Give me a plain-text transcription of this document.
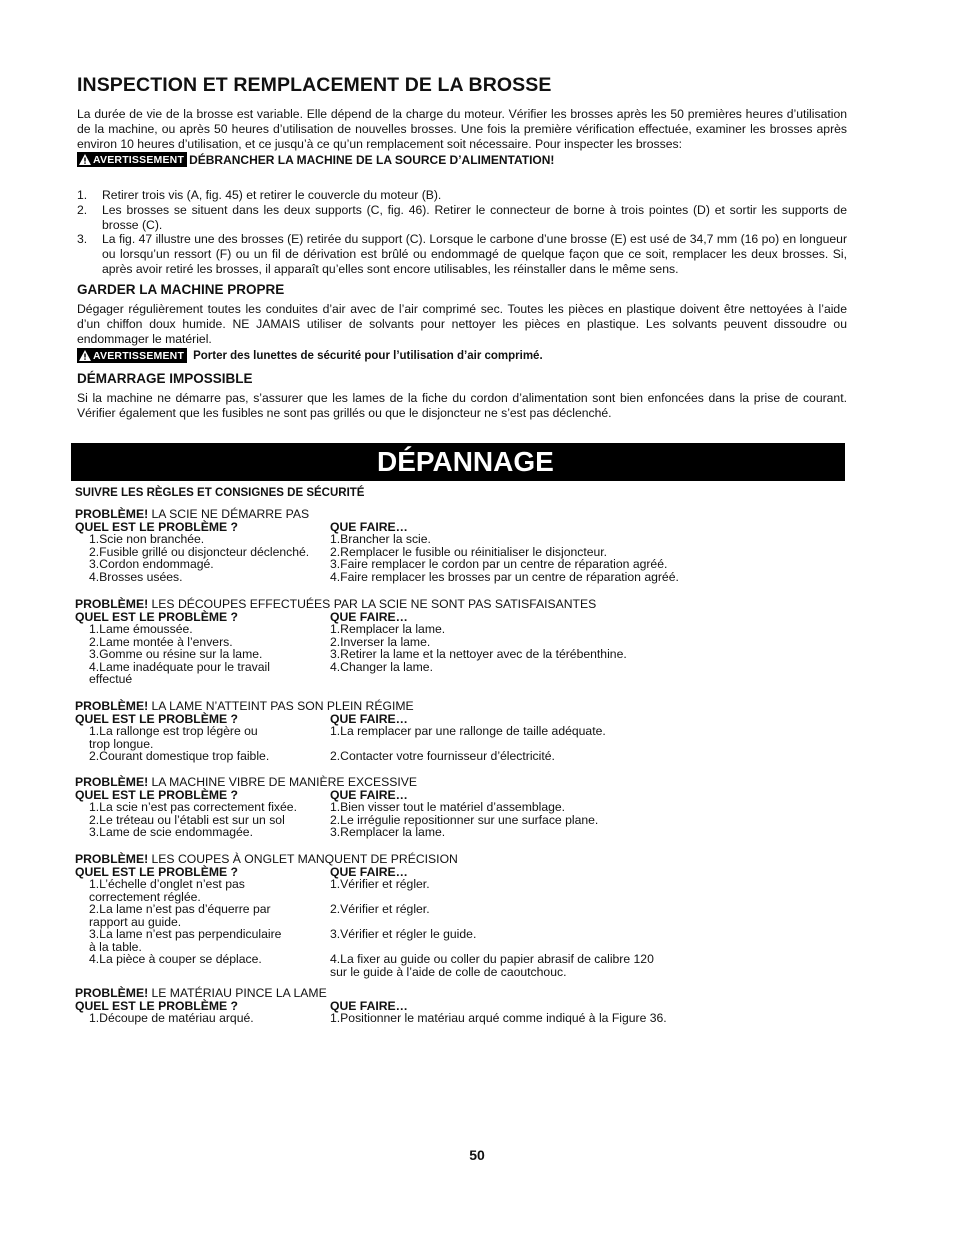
INSPECTION ET REMPLACEMENT DE LA BROSSE

La durée de vie de la brosse est variable. Elle dépend de la charge du moteur. Vérifier les brosses après les 50 premières heures d’utilisation de la machine, ou après 50 heures d’utilisation de nouvelles brosses. Une fois la première vérification effectuée, examiner les brosses après environ 10 heures d’utilisation, et ce jusqu’à ce qu’un remplacement soit nécessaire. Pour inspecter les brosses:

AVERTISSEMENT DÉBRANCHER LA MACHINE DE LA SOURCE D’ALIMENTATION!
1. Retirer trois vis (A, fig. 45) et retirer le couvercle du moteur (B).
2. Les brosses se situent dans les deux supports (C, fig. 46). Retirer le connecteur de borne à trois pointes (D) et sortir les supports de brosse (C).
3. La fig. 47 illustre une des brosses (E) retirée du support (C). Lorsque le carbone d’une brosse (E) est usé de 34,7 mm (16 po) en longueur ou lorsqu’un ressort (F) ou un fil de dérivation est brûlé ou endommagé de quelque façon que ce soit, remplacer les deux brosses. Si, après avoir retiré les brosses, il apparaît qu’elles sont encore utilisables, les réinstaller dans le même sens.
GARDER LA MACHINE PROPRE

Dégager régulièrement toutes les conduites d’air avec de l’air comprimé sec. Toutes les pièces en plastique doivent être nettoyées à l’aide d’un chiffon doux humide. NE JAMAIS utiliser de solvants pour nettoyer les pièces en plastique. Les solvants peuvent dissoudre ou endommager le matériel.

AVERTISSEMENT Porter des lunettes de sécurité pour l’utilisation d’air comprimé.
DÉMARRAGE IMPOSSIBLE

Si la machine ne démarre pas, s’assurer que les lames de la fiche du cordon d’alimentation sont bien enfoncées dans la prise de courant. Vérifier également que les fusibles ne sont pas grillés ou que le disjoncteur ne s’est pas déclenché.

DÉPANNAGE
SUIVRE LES RÈGLES ET CONSIGNES DE SÉCURITÉ
PROBLÈME! LA SCIE NE DÉMARRE PAS
QUEL EST LE PROBLÈME ?	QUE FAIRE…
1.Scie non branchée.	1.Brancher la scie.
2.Fusible grillé ou disjoncteur déclenché.	2.Remplacer le fusible ou réinitialiser le disjoncteur.
3.Cordon endommagé.	3.Faire remplacer le cordon par un centre de réparation agréé.
4.Brosses usées.	4.Faire remplacer les brosses par un centre de réparation agréé.
PROBLÈME! LES DÉCOUPES EFFECTUÉES PAR LA SCIE NE SONT PAS SATISFAISANTES
QUEL EST LE PROBLÈME ?	QUE FAIRE…
1.Lame émoussée.	1.Remplacer la lame.
2.Lame montée à l’envers.	2.Inverser la lame.
3.Gomme ou résine sur la lame.	3.Retirer la lame et la nettoyer avec de la térébenthine.
4.Lame inadéquate pour le travail	4.Changer la lame.
effectué
PROBLÈME! LA LAME N’ATTEINT PAS SON PLEIN RÉGIME
QUEL EST LE PROBLÈME ?	QUE FAIRE…
1.La rallonge est trop légère ou	1.La remplacer par une rallonge de taille adéquate.
trop longue.
2.Courant domestique trop faible.	2.Contacter votre fournisseur d’électricité.
PROBLÈME! LA MACHINE VIBRE DE MANIÈRE EXCESSIVE
QUEL EST LE PROBLÈME ?	QUE FAIRE…
1.La scie n’est pas correctement fixée.	1.Bien visser tout le matériel d’assemblage.
2.Le tréteau ou l’établi est sur un sol	2.Le irrégulie repositionner sur une surface plane.
3.Lame de scie endommagée.	3.Remplacer la lame.
PROBLÈME! LES COUPES À ONGLET MANQUENT DE PRÉCISION
QUEL EST LE PROBLÈME ?	QUE FAIRE…
1.L’échelle d’onglet n’est pas	1.Vérifier et régler.
correctement réglée.
2.La lame n’est pas d’équerre par	2.Vérifier et régler.
rapport au guide.
3.La lame n’est pas perpendiculaire	3.Vérifier et régler le guide.
à la table.
4.La pièce à couper se déplace.	4.La fixer au guide ou coller du papier abrasif de calibre 120
sur le guide à l’aide de colle de caoutchouc.
PROBLÈME! LE MATÉRIAU PINCE LA LAME
QUEL EST LE PROBLÈME ?	QUE FAIRE…
1.Découpe de matériau arqué.	1.Positionner le matériau arqué comme indiqué à la Figure 36.
50
